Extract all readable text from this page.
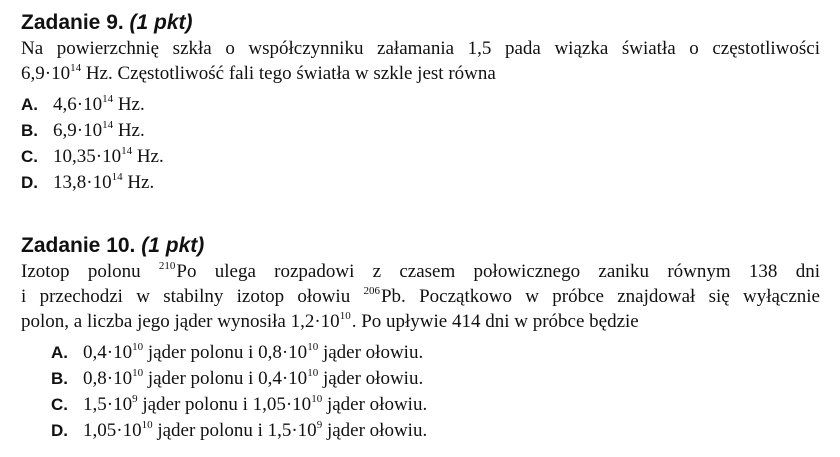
Zadanie 9. (1 pkt)

Na powierzchnię szkła o współczynniku załamania 1,5 pada wiązka światła o częstotliwości
$6,9\cdot 10^{14}$ Hz. Częstotliwość fali tego światła w szkle jest równa

A. $4,6\cdot 10^{14}$ Hz.
B. $6,9\cdot 10^{14}$ Hz.
C. $10,35\cdot 10^{14}$ Hz.
D. $13,8\cdot 10^{14}$ Hz.
Zadanie 10. (1 pkt)

Izotop polonu $^{210}$Po ulega rozpadowi z czasem połowicznego zaniku równym 138 dni
i przechodzi w stabilny izotop ołowiu $^{206}$Pb. Początkowo w próbce znajdował się wyłącznie
polon, a liczba jego jąder wynosiła $1,2\cdot 10^{10}$. Po upływie 414 dni w próbce będzie

A. $0,4\cdot 10^{10}$ jąder polonu i $0,8\cdot 10^{10}$ jąder ołowiu.
B. $0,8\cdot 10^{10}$ jąder polonu i $0,4\cdot 10^{10}$ jąder ołowiu.
C. $1,5\cdot 10^9$ jąder polonu i $1,05\cdot 10^{10}$ jąder ołowiu.
D. $1,05\cdot 10^{10}$ jąder polonu i $1,5\cdot 10^9$ jąder ołowiu.
